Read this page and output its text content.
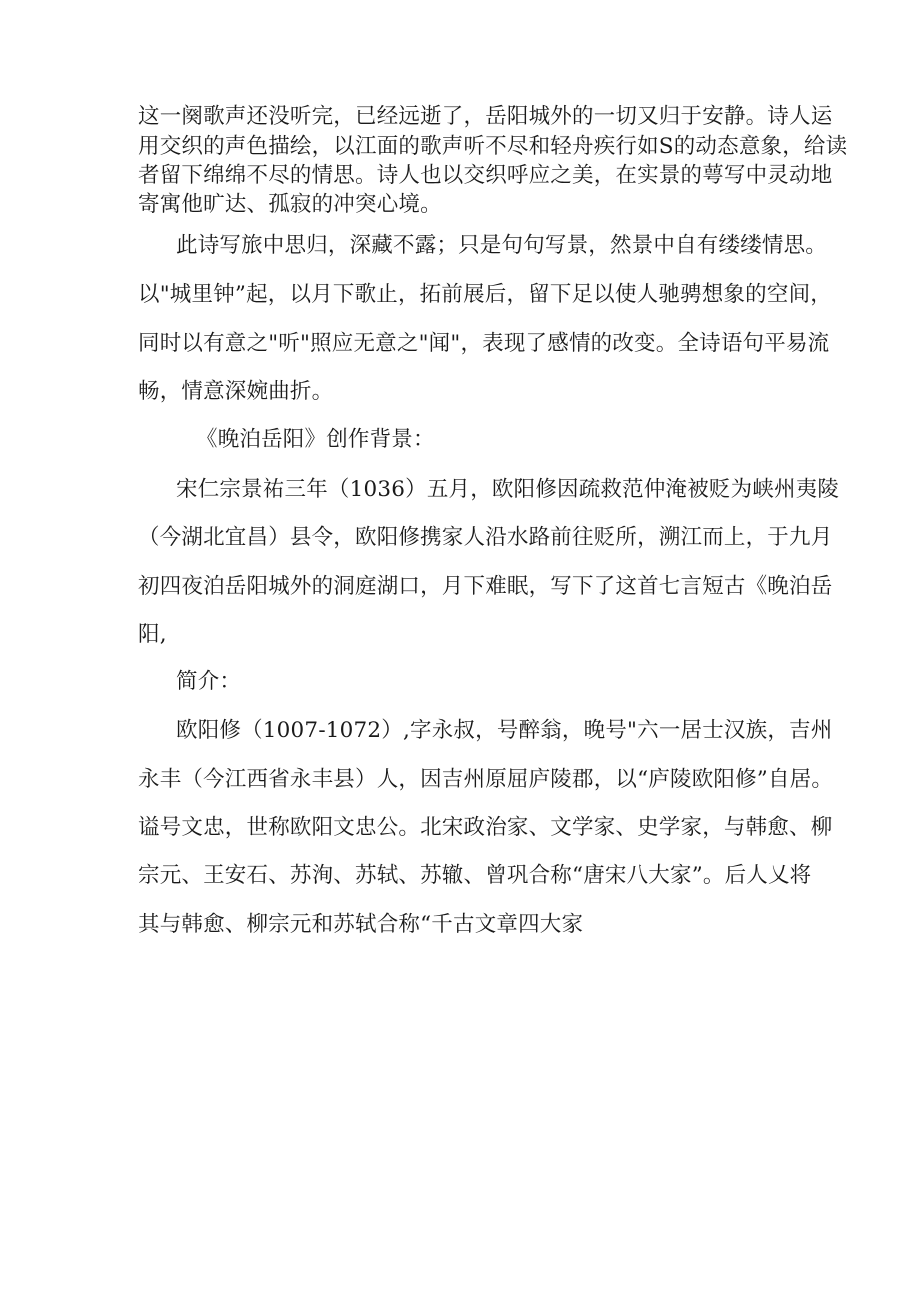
这一阕歌声还没听完，已经远逝了，岳阳城外的一切又归于安静。诗人运
用交织的声色描绘，以江面的歌声听不尽和轻舟疾行如S的动态意象，给读
者留下绵绵不尽的情思。诗人也以交织呼应之美，在实景的萼写中灵动地
寄寓他旷达、孤寂的冲突心境。
此诗写旅中思归，深藏不露；只是句句写景，然景中自有缕缕情思。
以"城里钟”起，以月下歌止，拓前展后，留下足以使人驰骋想象的空间，
同时以有意之"听"照应无意之"闻"，表现了感情的改变。全诗语句平易流
畅，情意深婉曲折。
《晚泊岳阳》创作背景：
宋仁宗景祐三年（1036）五月，欧阳修因疏救范仲淹被贬为峡州夷陵
（今湖北宜昌）县令，欧阳修携家人沿水路前往贬所，溯江而上，于九月
初四夜泊岳阳城外的洞庭湖口，月下难眠，写下了这首七言短古《晚泊岳
阳,
简介：
欧阳修（1007-1072）,字永叔，号醉翁，晚号"六一居士汉族，吉州
永丰（今江西省永丰县）人，因吉州原屈庐陵郡，以“庐陵欧阳修”自居。
谥号文忠，世称欧阳文忠公。北宋政治家、文学家、史学家，与韩愈、柳
宗元、王安石、苏洵、苏轼、苏辙、曾巩合称“唐宋八大家”。后人乂将
其与韩愈、柳宗元和苏轼合称“千古文章四大家
